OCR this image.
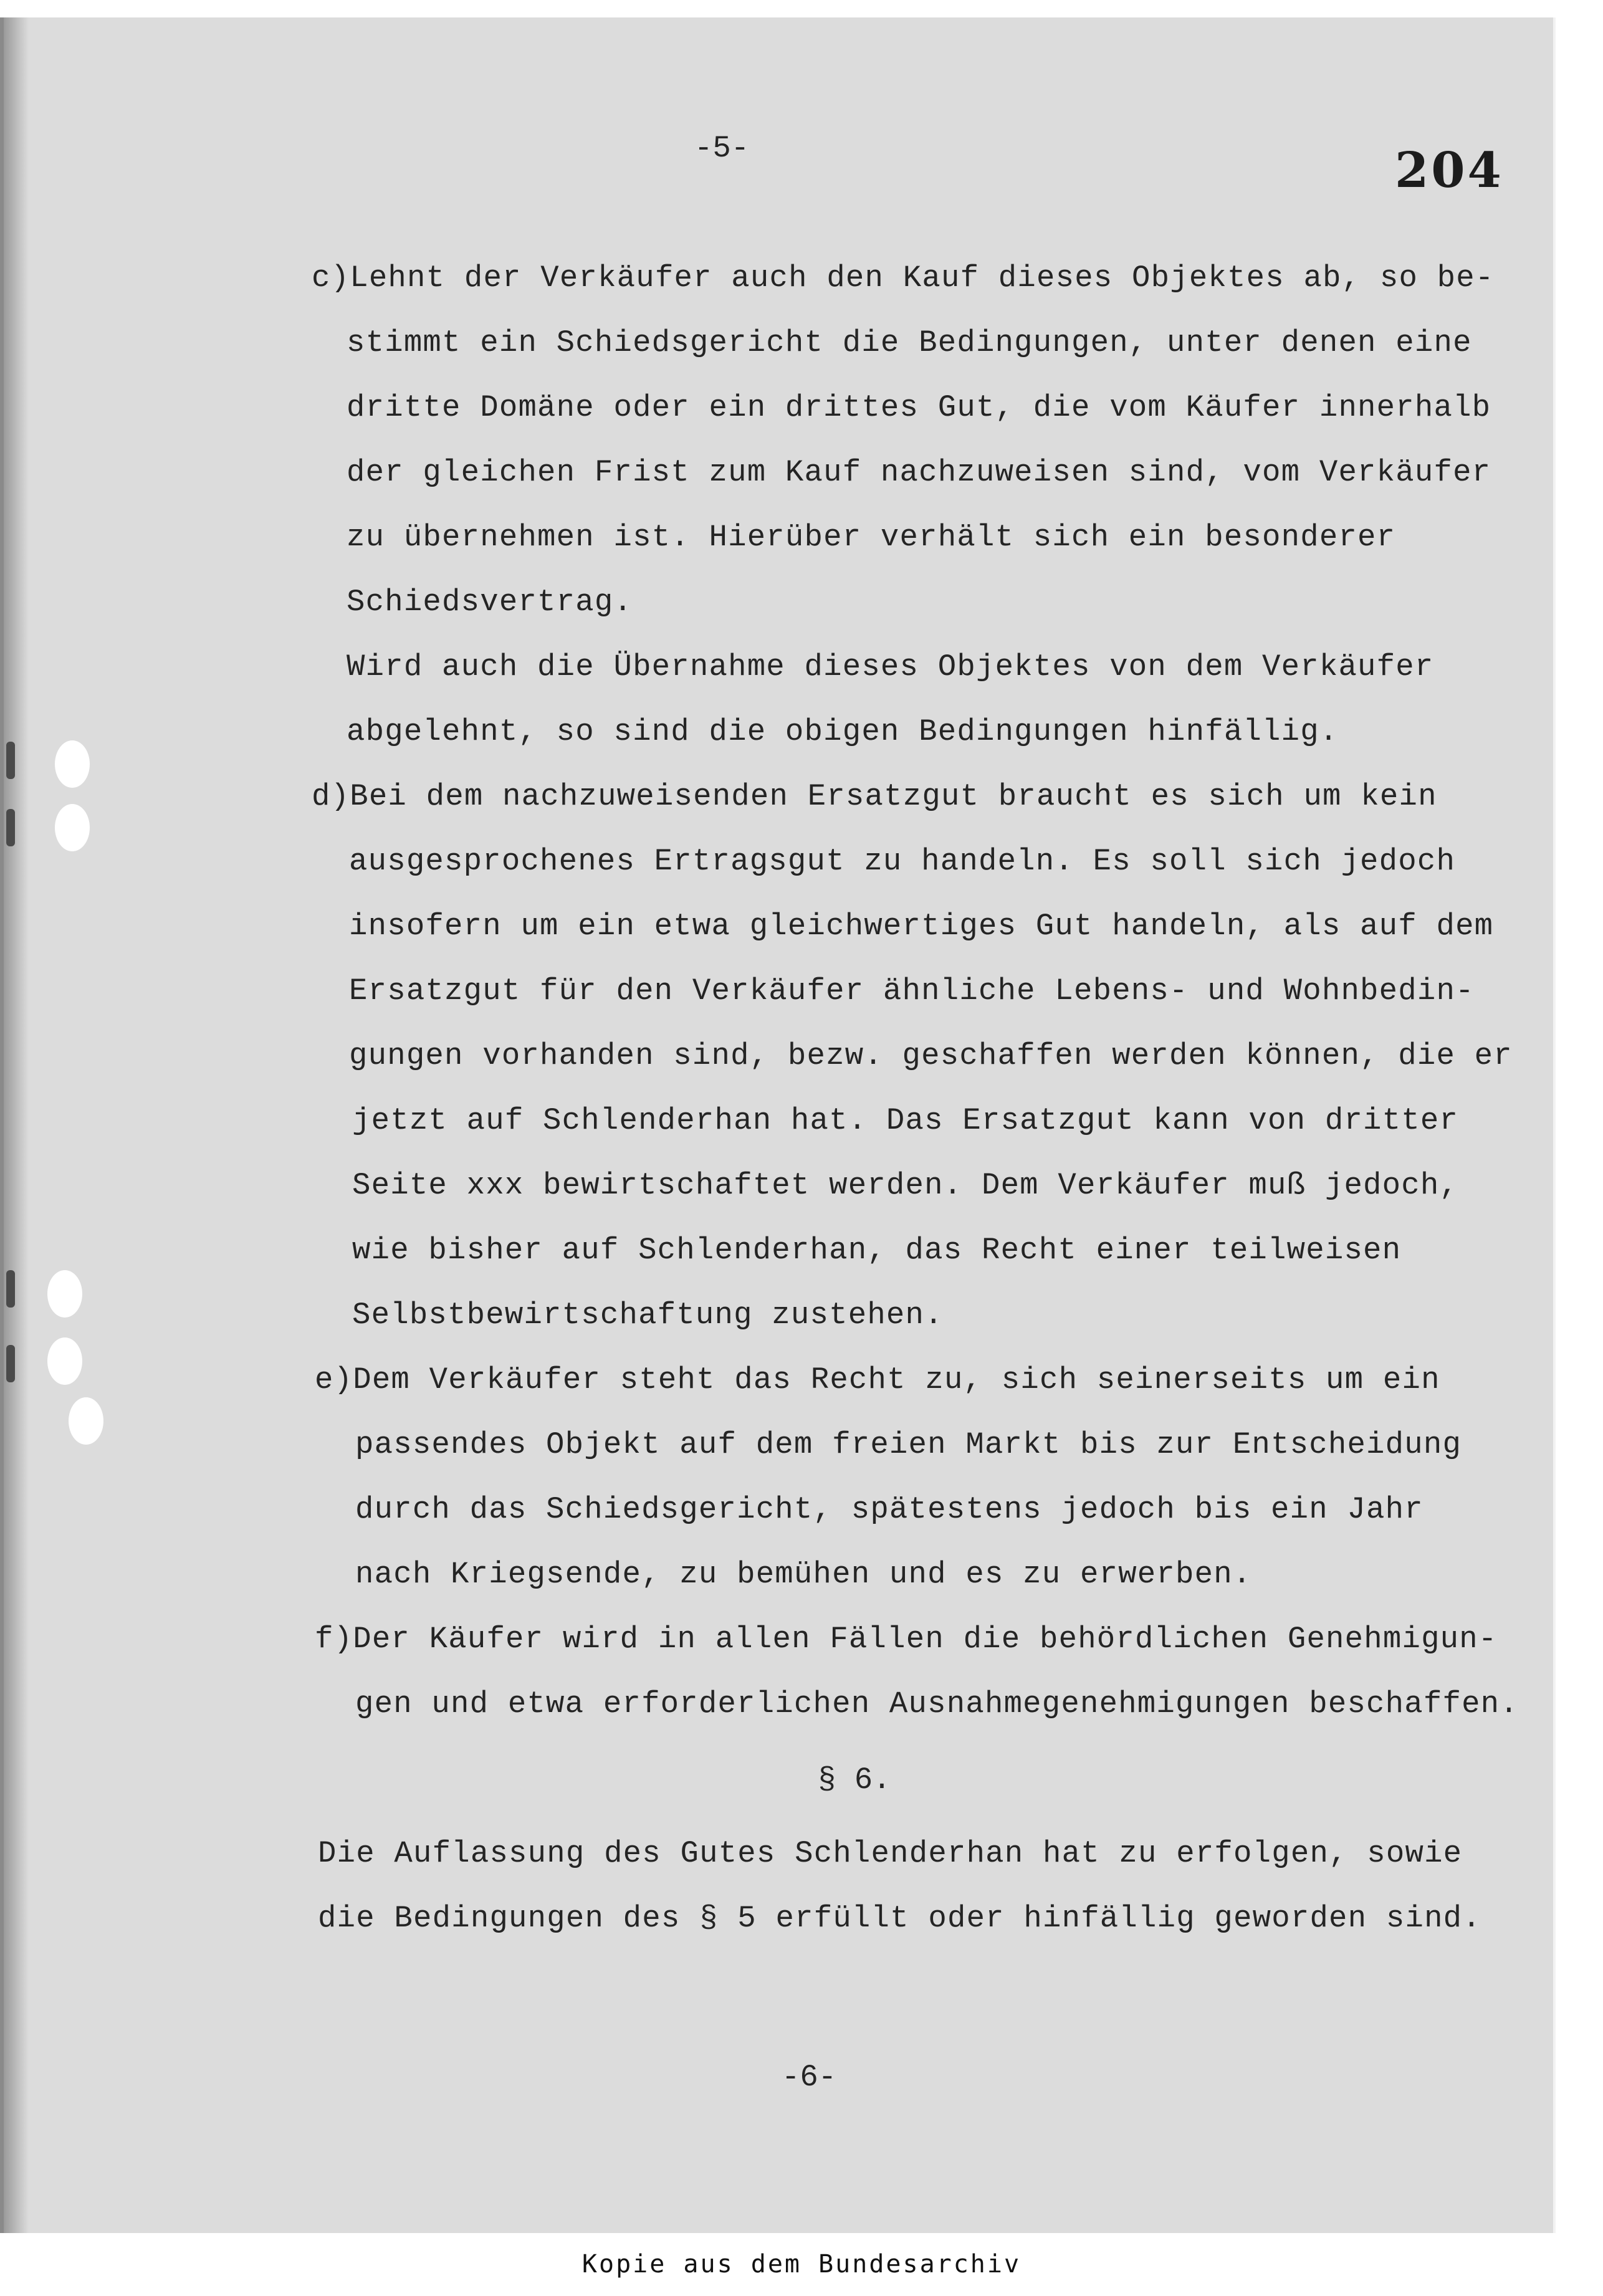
-5-	204
c)Lehnt der Verkäufer auch den Kauf dieses Objektes ab, so be-
stimmt ein Schiedsgericht die Bedingungen, unter denen eine
dritte Domäne oder ein drittes Gut, die vom Käufer innerhalb
der gleichen Frist zum Kauf nachzuweisen sind, vom Verkäufer
zu übernehmen ist. Hierüber verhält sich ein besonderer
Schiedsvertrag.
Wird auch die Übernahme dieses Objektes von dem Verkäufer
abgelehnt, so sind die obigen Bedingungen hinfällig.
d)Bei dem nachzuweisenden Ersatzgut braucht es sich um kein
ausgesprochenes Ertragsgut zu handeln. Es soll sich jedoch
insofern um ein etwa gleichwertiges Gut handeln, als auf dem
Ersatzgut für den Verkäufer ähnliche Lebens- und Wohnbedin-
gungen vorhanden sind, bezw. geschaffen werden können, die er
jetzt auf Schlenderhan hat. Das Ersatzgut kann von dritter
Seite xxx bewirtschaftet werden. Dem Verkäufer muß jedoch,
wie bisher auf Schlenderhan, das Recht einer teilweisen
Selbstbewirtschaftung zustehen.
e)Dem Verkäufer steht das Recht zu, sich seinerseits um ein
passendes Objekt auf dem freien Markt bis zur Entscheidung
durch das Schiedsgericht, spätestens jedoch bis ein Jahr
nach Kriegsende, zu bemühen und es zu erwerben.
f)Der Käufer wird in allen Fällen die behördlichen Genehmigun-
gen und etwa erforderlichen Ausnahmegenehmigungen beschaffen.
§ 6.
Die Auflassung des Gutes Schlenderhan hat zu erfolgen, sowie
die Bedingungen des § 5 erfüllt oder hinfällig geworden sind.
-6-
Kopie aus dem Bundesarchiv
